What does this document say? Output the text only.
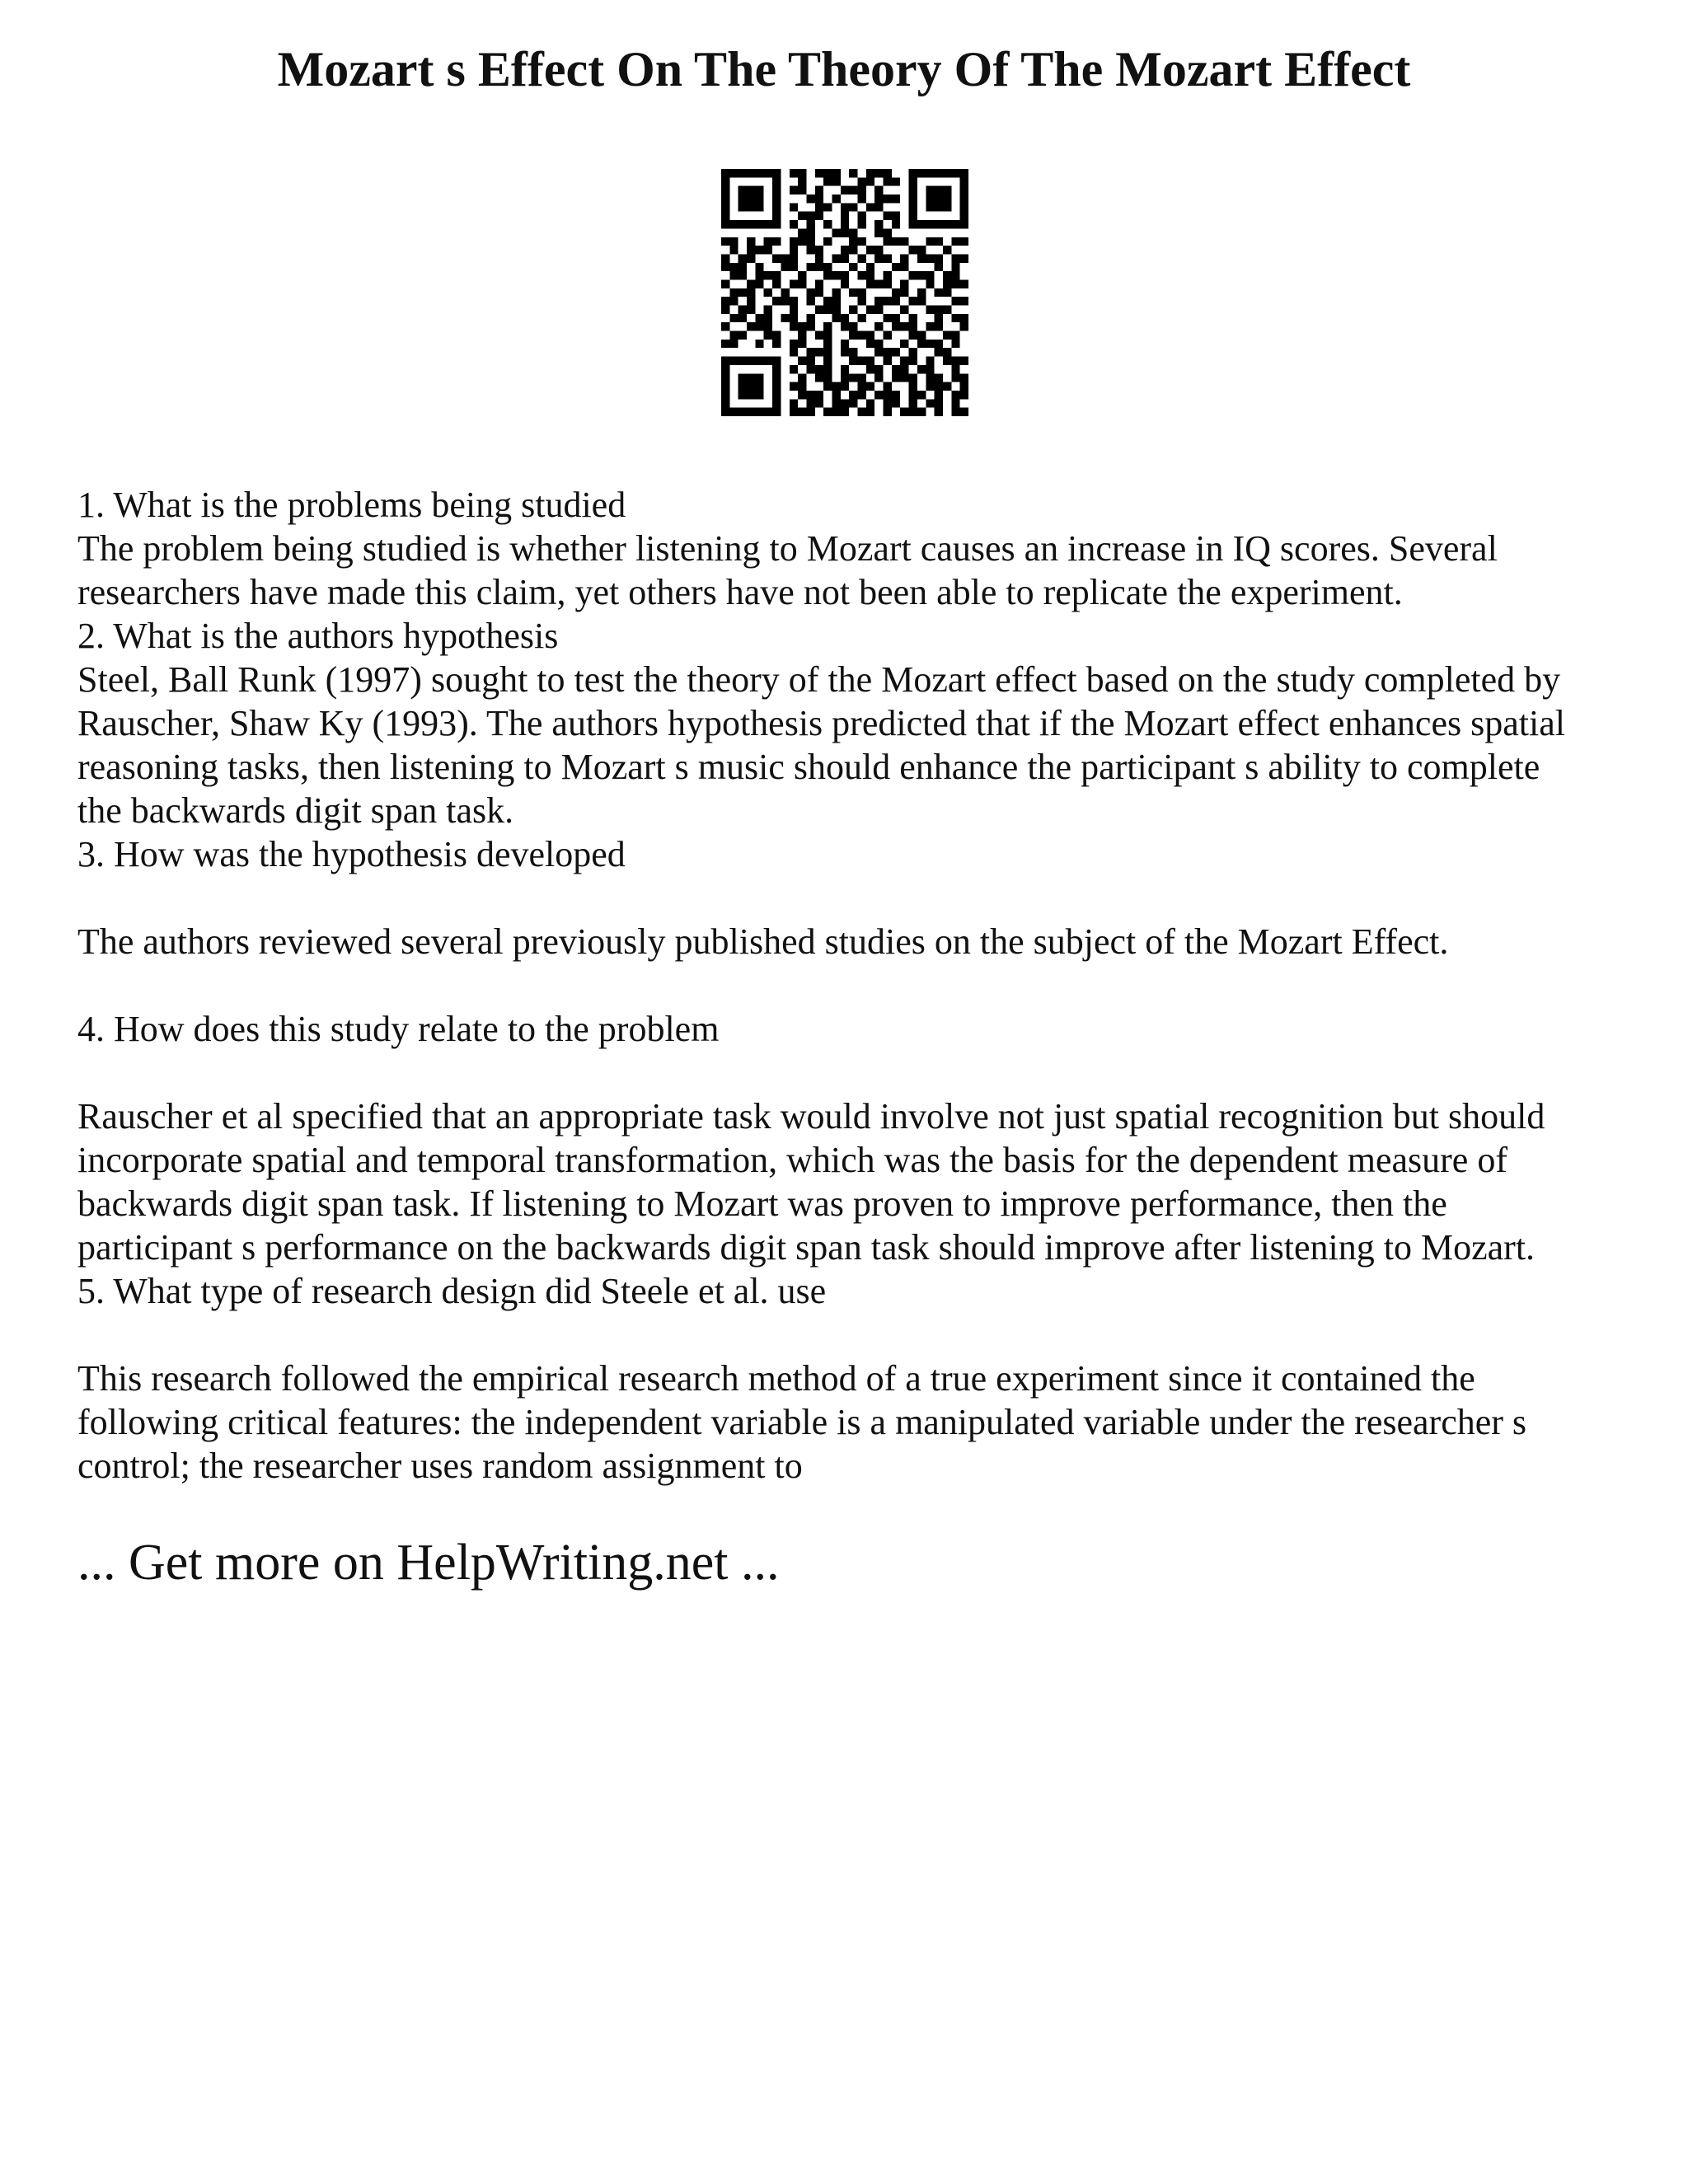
Mozart s Effect On The Theory Of The Mozart Effect
1. What is the problems being studied
The problem being studied is whether listening to Mozart causes an increase in IQ scores. Several
researchers have made this claim, yet others have not been able to replicate the experiment.
2. What is the authors hypothesis
Steel, Ball Runk (1997) sought to test the theory of the Mozart effect based on the study completed by
Rauscher, Shaw Ky (1993). The authors hypothesis predicted that if the Mozart effect enhances spatial
reasoning tasks, then listening to Mozart s music should enhance the participant s ability to complete
the backwards digit span task.
3. How was the hypothesis developed
The authors reviewed several previously published studies on the subject of the Mozart Effect.
4. How does this study relate to the problem
Rauscher et al specified that an appropriate task would involve not just spatial recognition but should
incorporate spatial and temporal transformation, which was the basis for the dependent measure of
backwards digit span task. If listening to Mozart was proven to improve performance, then the
participant s performance on the backwards digit span task should improve after listening to Mozart.
5. What type of research design did Steele et al. use
This research followed the empirical research method of a true experiment since it contained the
following critical features: the independent variable is a manipulated variable under the researcher s
control; the researcher uses random assignment to
... Get more on HelpWriting.net ...
